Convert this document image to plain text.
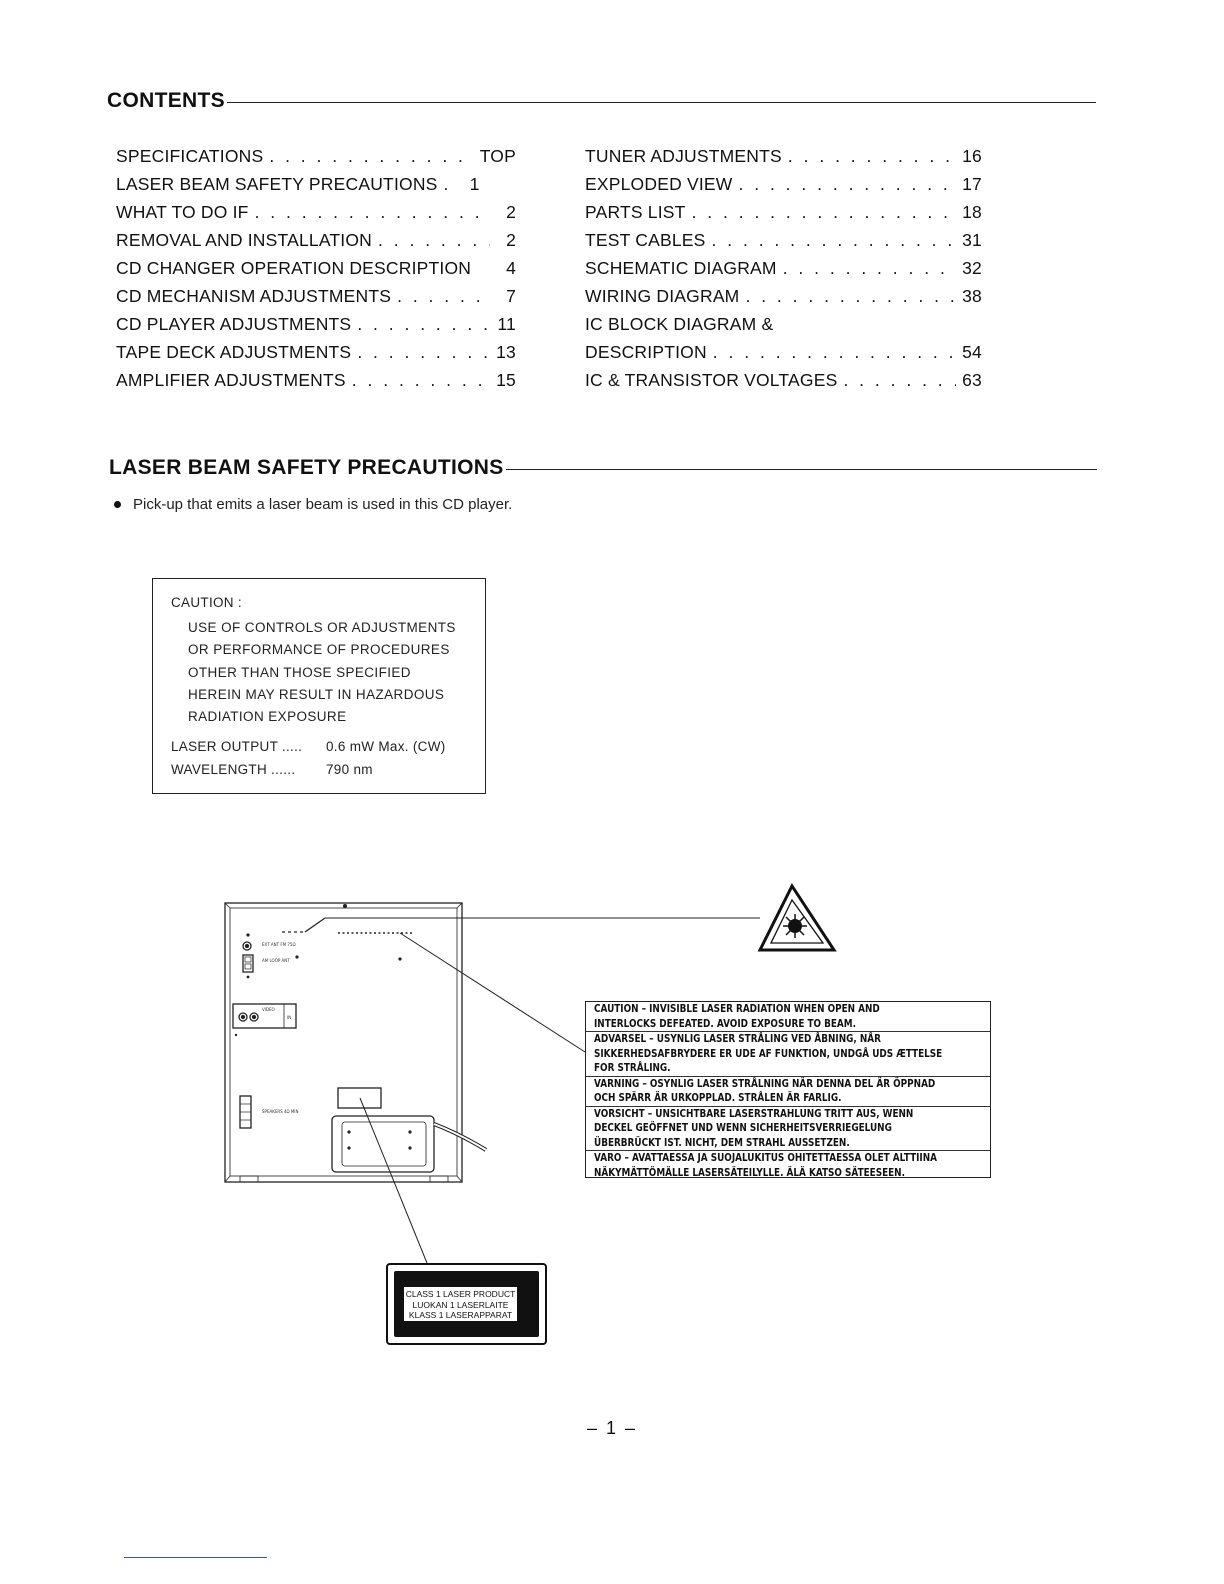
CONTENTS
SPECIFICATIONS . . .	TOP
LASER BEAM SAFETY PRECAUTIONS . . .	1
WHAT TO DO IF . . .	2
REMOVAL AND INSTALLATION . . .	2
CD CHANGER OPERATION DESCRIPTION	4
CD MECHANISM ADJUSTMENTS . . .	7
CD PLAYER ADJUSTMENTS . . .	11
TAPE DECK ADJUSTMENTS . . .	13
AMPLIFIER ADJUSTMENTS . . .	15
TUNER ADJUSTMENTS . . .	16
EXPLODED VIEW . . .	17
PARTS LIST . . .	18
TEST CABLES . . .	31
SCHEMATIC DIAGRAM . . .	32
WIRING DIAGRAM . . .	38
IC BLOCK DIAGRAM &
DESCRIPTION . . .	54
IC & TRANSISTOR VOLTAGES . . .	63
LASER BEAM SAFETY PRECAUTIONS
Pick-up that emits a laser beam is used in this CD player.
CAUTION :
USE OF CONTROLS OR ADJUSTMENTS
OR PERFORMANCE OF PROCEDURES
OTHER THAN THOSE SPECIFIED
HEREIN MAY RESULT IN HAZARDOUS
RADIATION EXPOSURE
LASER OUTPUT .....	0.6 mW Max. (CW)
WAVELENGTH ......	790 nm
EXT ANT FM 75Ω
AM LOOP ANT
VIDEO
IN
SPEAKERS 4Ω MIN
CAUTION – INVISIBLE LASER RADIATION WHEN OPEN AND
INTERLOCKS DEFEATED. AVOID EXPOSURE TO BEAM.
ADVARSEL – USYNLIG LASER STRÅLING VED ÅBNING, NÅR
SIKKERHEDSAFBRYDERE ER UDE AF FUNKTION, UNDGÅ UDS ÆTTELSE
FOR STRÅLING.
VARNING – OSYNLIG LASER STRÅLNING NÄR DENNA DEL ÄR ÖPPNAD
OCH SPÄRR ÄR URKOPPLAD. STRÅLEN ÄR FARLIG.
VORSICHT – UNSICHTBARE LASERSTRAHLUNG TRITT AUS, WENN
DECKEL GEÖFFNET UND WENN SICHERHEITSVERRIEGELUNG
ÜBERBRÜCKT IST. NICHT, DEM STRAHL AUSSETZEN.
VARO – AVATTAESSA JA SUOJALUKITUS OHITETTAESSA OLET ALTTIINA
NÄKYMÄTTÖMÄLLE LASERSÄTEILYLLE. ÄLÄ KATSO SÄTEESEEN.
CLASS 1 LASER PRODUCT
LUOKAN 1 LASERLAITE
KLASS 1 LASERAPPARAT
– 1 –
